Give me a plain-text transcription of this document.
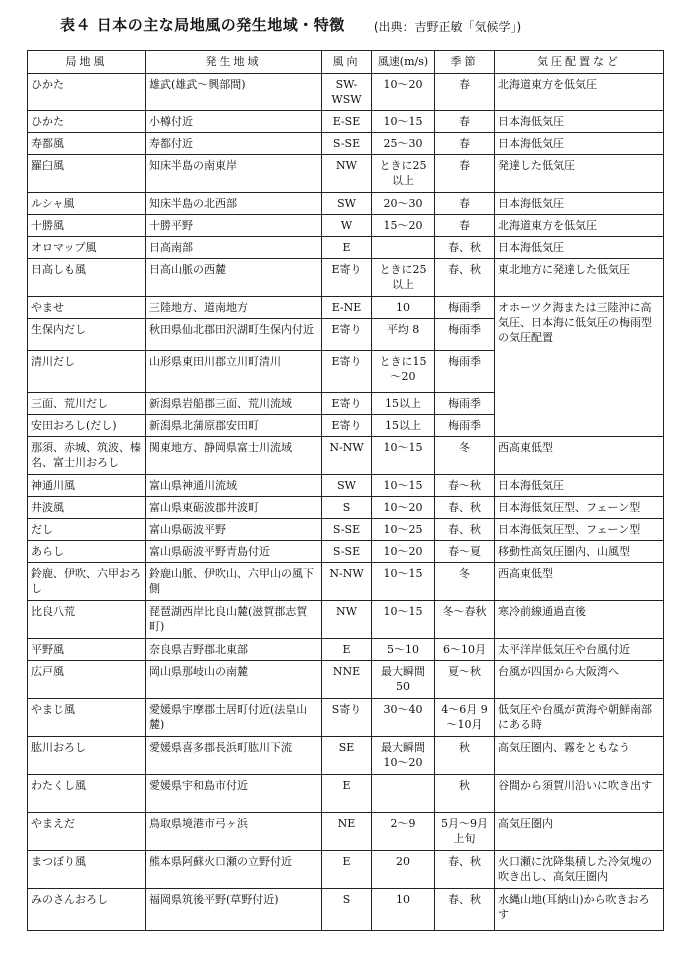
表４ 日本の主な局地風の発生地域・特徴 (出典：吉野正敏「気候学」)
局地風	発生地域	風向	風速(m/s)	季節	気圧配置など
ひかた	雄武(雄武～興部間)	SW-WSW	10～20	春	北海道東方を低気圧
ひかた	小樽付近	E-SE	10～15	春	日本海低気圧
寿都風	寿都付近	S-SE	25～30	春	日本海低気圧
羅臼風	知床半島の南東岸	NW	ときに25以上	春	発達した低気圧
ルシャ風	知床半島の北西部	SW	20～30	春	日本海低気圧
十勝風	十勝平野	W	15～20	春	北海道東方を低気圧
オロマップ風	日高南部	E		春、秋	日本海低気圧
日高しも風	日高山脈の西麓	E寄り	ときに25以上	春、秋	東北地方に発達した低気圧
やませ	三陸地方、道南地方	E-NE	10	梅雨季	オホーツク海または三陸沖に高気圧、日本海に低気圧の梅雨型の気圧配置
生保内だし	秋田県仙北郡田沢湖町生保内付近	E寄り	平均 8	梅雨季	
清川だし	山形県東田川郡立川町清川	E寄り	ときに15～20	梅雨季	
三面、荒川だし	新潟県岩船郡三面、荒川流域	E寄り	15以上	梅雨季	
安田おろし(だし)	新潟県北蒲原郡安田町	E寄り	15以上	梅雨季	
那須、赤城、筑波、榛名、富士川おろし	関東地方、静岡県富士川流域	N-NW	10～15	冬	西高東低型
神通川風	富山県神通川流域	SW	10～15	春～秋	日本海低気圧
井波風	富山県東砺波郡井波町	S	10～20	春、秋	日本海低気圧型、フェーン型
だし	富山県砺波平野	S-SE	10～25	春、秋	日本海低気圧型、フェーン型
あらし	富山県砺波平野青島付近	S-SE	10～20	春～夏	移動性高気圧圏内、山風型
鈴鹿、伊吹、六甲おろし	鈴鹿山脈、伊吹山、六甲山の風下側	N-NW	10～15	冬	西高東低型
比良八荒	琵琶湖西岸比良山麓(滋賀郡志賀町)	NW	10～15	冬～春秋	寒冷前線通過直後
平野風	奈良県吉野郡北東部	E	5～10	6～10月	太平洋岸低気圧や台風付近
広戸風	岡山県那岐山の南麓	NNE	最大瞬間50	夏～秋	台風が四国から大阪湾へ
やまじ風	愛媛県宇摩郡土居町付近(法皇山麓)	S寄り	30～40	4～6月 9～10月	低気圧や台風が黄海や朝鮮南部にある時
肱川おろし	愛媛県喜多郡長浜町肱川下流	SE	最大瞬間10～20	秋	高気圧圏内、霧をともなう
わたくし風	愛媛県宇和島市付近	E		秋	谷間から須賀川沿いに吹き出す
やまえだ	鳥取県境港市弓ヶ浜	NE	2～9	5月～9月上旬	高気圧圏内
まつぼり風	熊本県阿蘇火口瀬の立野付近	E	20	春、秋	火口瀬に沈降集積した冷気塊の吹き出し、高気圧圏内
みのさんおろし	福岡県筑後平野(草野付近)	S	10	春、秋	水縄山地(耳納山)から吹きおろす
